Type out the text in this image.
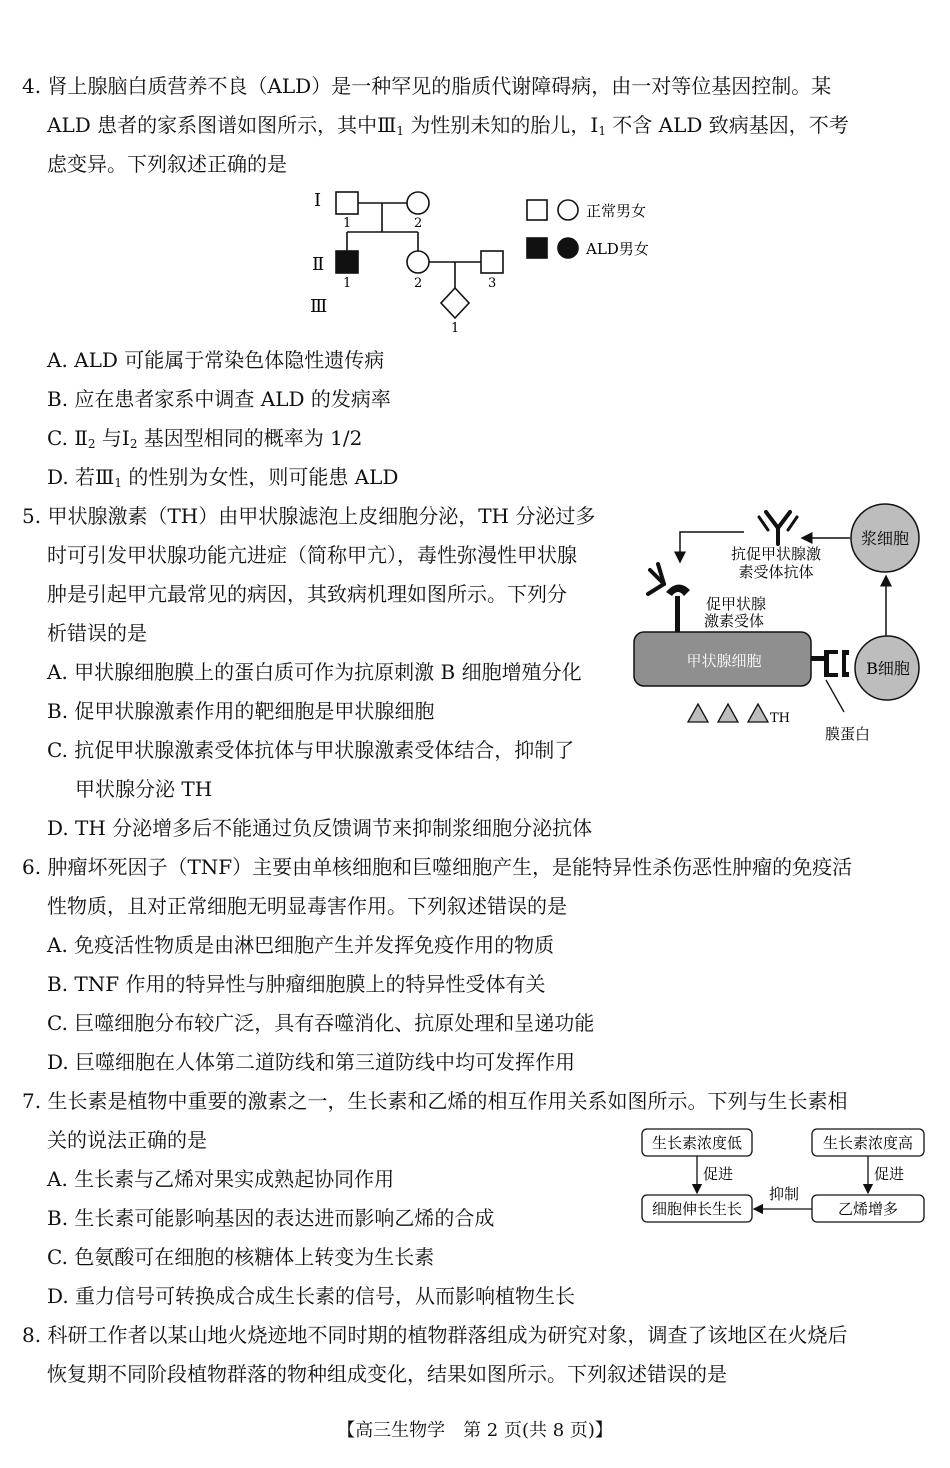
4. 肾上腺脑白质营养不良（ALD）是一种罕见的脂质代谢障碍病，由一对等位基因控制。某
ALD 患者的家系图谱如图所示，其中$Ⅲ_1$ 为性别未知的胎儿，$Ⅰ_1$ 不含 ALD 致病基因，不考
虑变异。下列叙述正确的是
Ⅰ
Ⅱ
Ⅲ
1	2
1	2	3
1
正常男女
ALD男女
A. ALD 可能属于常染色体隐性遗传病
B. 应在患者家系中调查 ALD 的发病率
C. $Ⅱ_2$ 与$Ⅰ_2$ 基因型相同的概率为 1/2
D. 若$Ⅲ_1$ 的性别为女性，则可能患 ALD
5. 甲状腺激素（TH）由甲状腺滤泡上皮细胞分泌，TH 分泌过多
时可引发甲状腺功能亢进症（简称甲亢），毒性弥漫性甲状腺
肿是引起甲亢最常见的病因，其致病机理如图所示。下列分
析错误的是
A. 甲状腺细胞膜上的蛋白质可作为抗原刺激 B 细胞增殖分化
B. 促甲状腺激素作用的靶细胞是甲状腺细胞
C. 抗促甲状腺激素受体抗体与甲状腺激素受体结合，抑制了
甲状腺分泌 TH
D. TH 分泌增多后不能通过负反馈调节来抑制浆细胞分泌抗体
浆细胞
B细胞
抗促甲状腺激
素受体抗体
促甲状腺
激素受体
甲状腺细胞
膜蛋白
TH
6. 肿瘤坏死因子（TNF）主要由单核细胞和巨噬细胞产生，是能特异性杀伤恶性肿瘤的免疫活
性物质，且对正常细胞无明显毒害作用。下列叙述错误的是
A. 免疫活性物质是由淋巴细胞产生并发挥免疫作用的物质
B. TNF 作用的特异性与肿瘤细胞膜上的特异性受体有关
C. 巨噬细胞分布较广泛，具有吞噬消化、抗原处理和呈递功能
D. 巨噬细胞在人体第二道防线和第三道防线中均可发挥作用
7. 生长素是植物中重要的激素之一，生长素和乙烯的相互作用关系如图所示。下列与生长素相
关的说法正确的是
A. 生长素与乙烯对果实成熟起协同作用
B. 生长素可能影响基因的表达进而影响乙烯的合成
C. 色氨酸可在细胞的核糖体上转变为生长素
D. 重力信号可转换成合成生长素的信号，从而影响植物生长
生长素浓度低	生长素浓度高
细胞伸长生长	乙烯增多
促进	促进
抑制
8. 科研工作者以某山地火烧迹地不同时期的植物群落组成为研究对象，调查了该地区在火烧后
恢复期不同阶段植物群落的物种组成变化，结果如图所示。下列叙述错误的是
【高三生物学　第 2 页(共 8 页)】
